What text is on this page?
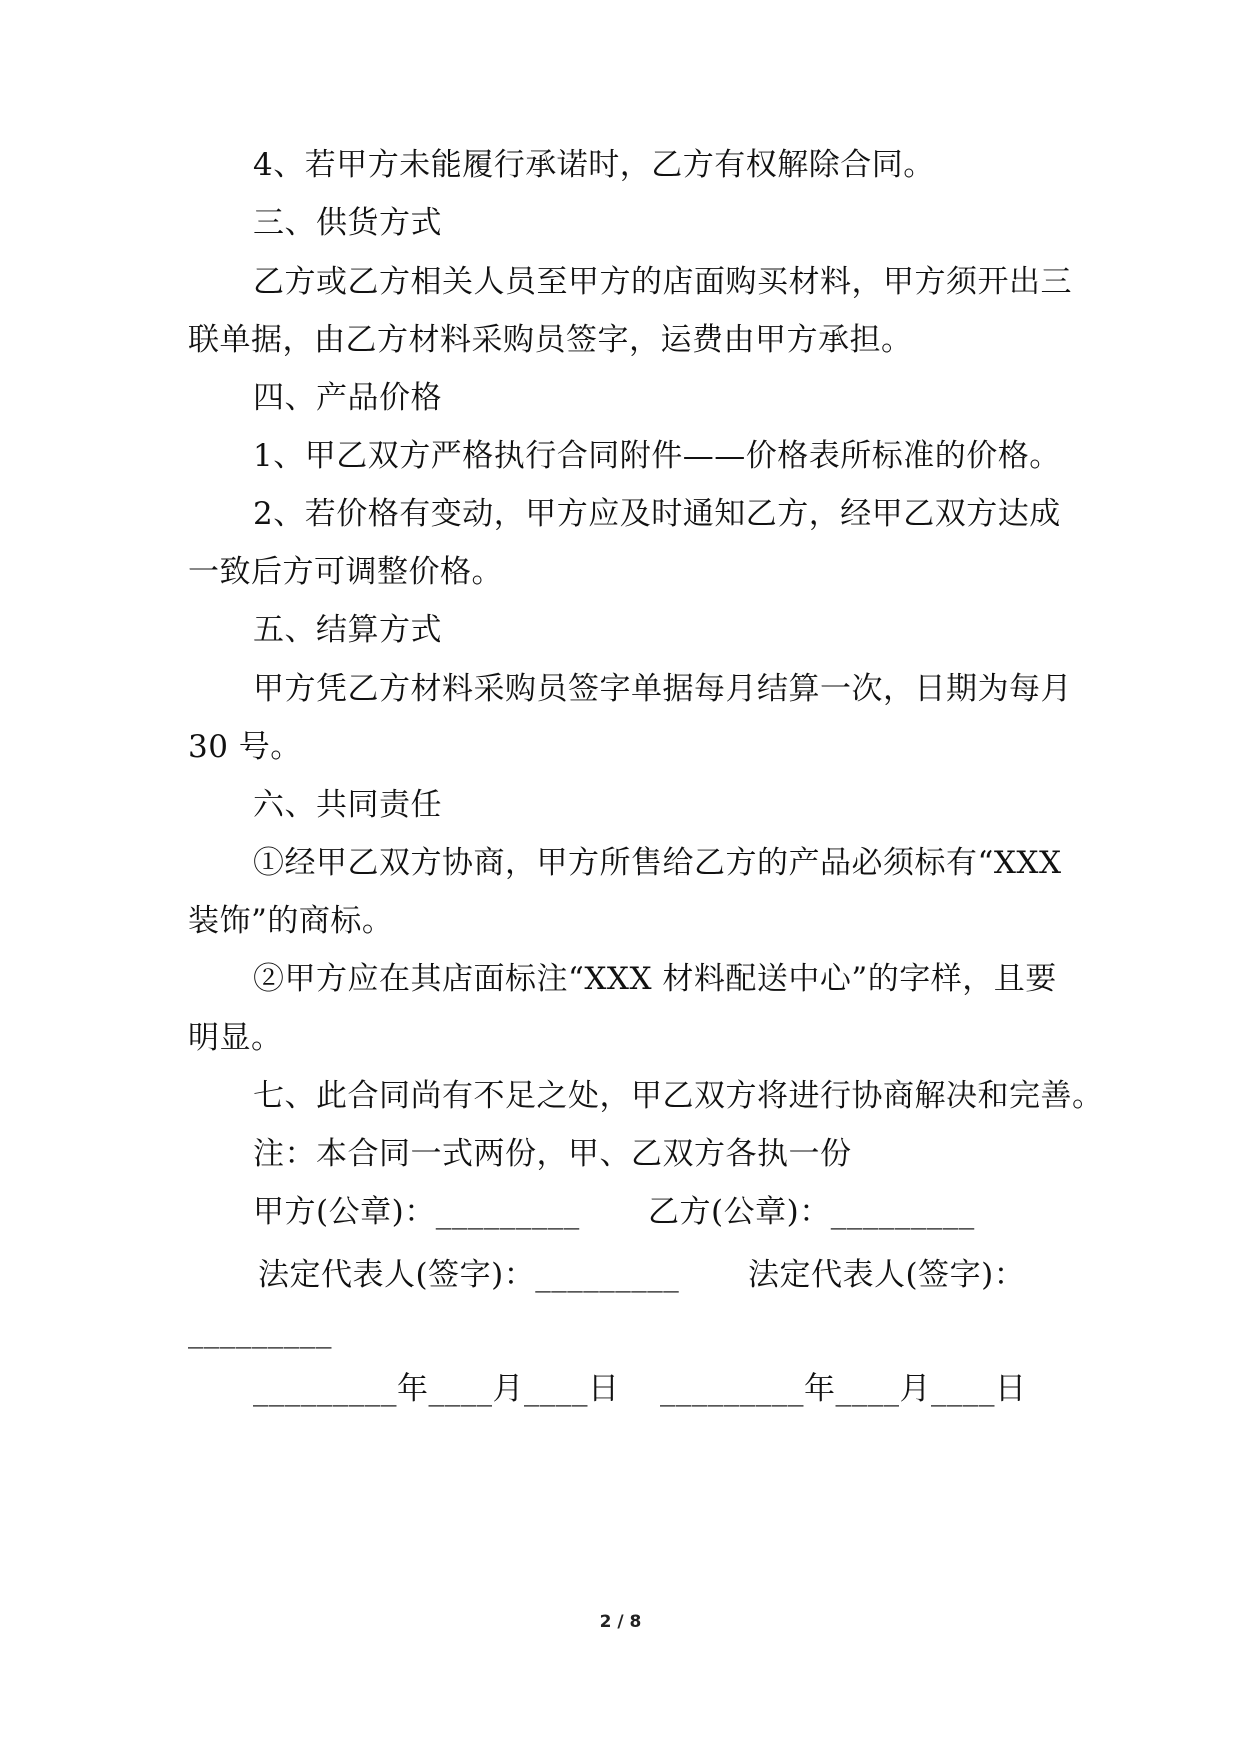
4、若甲方未能履行承诺时，乙方有权解除合同。
三、供货方式
乙方或乙方相关人员至甲方的店面购买材料，甲方须开出三
联单据，由乙方材料采购员签字，运费由甲方承担。
四、产品价格
1、甲乙双方严格执行合同附件——价格表所标准的价格。
2、若价格有变动，甲方应及时通知乙方，经甲乙双方达成
一致后方可调整价格。
五、结算方式
甲方凭乙方材料采购员签字单据每月结算一次，日期为每月
30 号。
六、共同责任
①经甲乙双方协商，甲方所售给乙方的产品必须标有“XXX
装饰”的商标。
②甲方应在其店面标注“XXX 材料配送中心”的字样，且要
明显。
七、此合同尚有不足之处，甲乙双方将进行协商解决和完善。
注：本合同一式两份，甲、乙双方各执一份
甲方(公章)：_________ 乙方(公章)：_________
法定代表人(签字)：_________ 法定代表人(签字)：
_________
_________年____月____日 _________年____月____日
2 / 8
